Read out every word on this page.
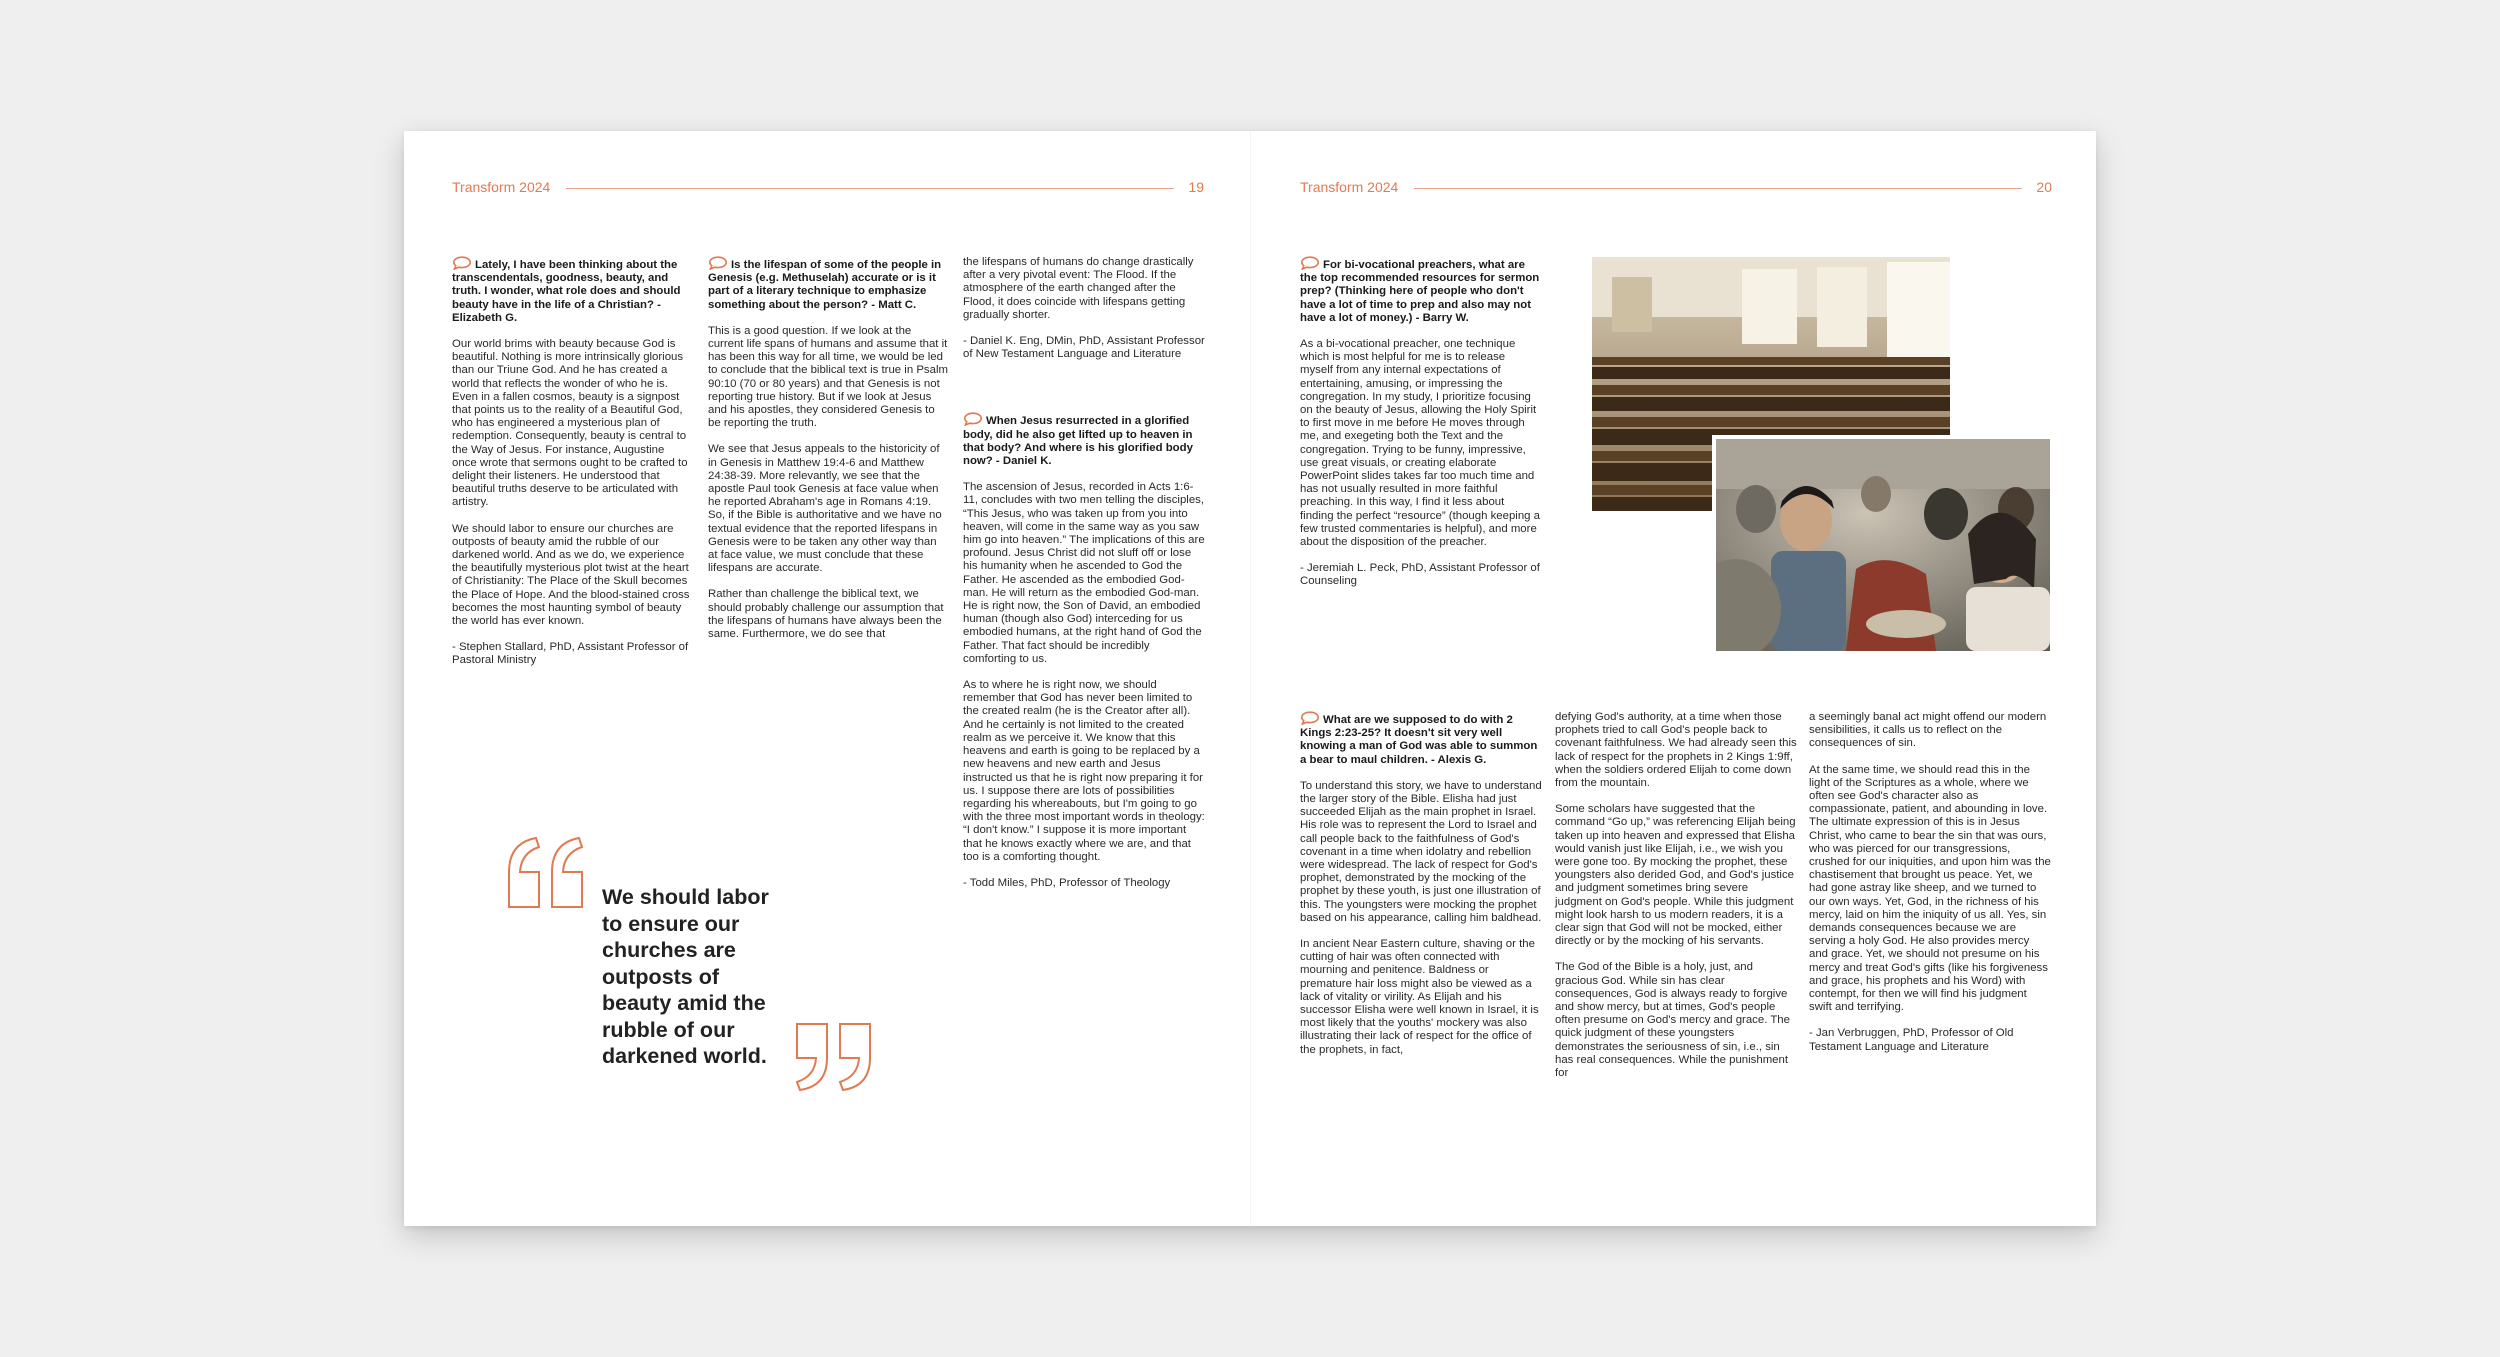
Transform 2024	19

Lately, I have been thinking about the transcendentals, goodness, beauty, and truth. I wonder, what role does and should beauty have in the life of a Christian? - Elizabeth G.

Our world brims with beauty because God is beautiful. Nothing is more intrinsically glorious than our Triune God. And he has created a world that reflects the wonder of who he is. Even in a fallen cosmos, beauty is a signpost that points us to the reality of a Beautiful God, who has engineered a mysterious plan of redemption. Consequently, beauty is central to the Way of Jesus. For instance, Augustine once wrote that sermons ought to be crafted to delight their listeners. He understood that beautiful truths deserve to be articulated with artistry.

We should labor to ensure our churches are outposts of beauty amid the rubble of our darkened world. And as we do, we experience the beautifully mysterious plot twist at the heart of Christianity: The Place of the Skull becomes the Place of Hope. And the blood-stained cross becomes the most haunting symbol of beauty the world has ever known.

- Stephen Stallard, PhD, Assistant Professor of Pastoral Ministry

Is the lifespan of some of the people in Genesis (e.g. Methuselah) accurate or is it part of a literary technique to emphasize something about the person? - Matt C.

This is a good question. If we look at the current life spans of humans and assume that it has been this way for all time, we would be led to conclude that the biblical text is true in Psalm 90:10 (70 or 80 years) and that Genesis is not reporting true history. But if we look at Jesus and his apostles, they considered Genesis to be reporting the truth.

We see that Jesus appeals to the historicity of in Genesis in Matthew 19:4-6 and Matthew 24:38-39. More relevantly, we see that the apostle Paul took Genesis at face value when he reported Abraham's age in Romans 4:19. So, if the Bible is authoritative and we have no textual evidence that the reported lifespans in Genesis were to be taken any other way than at face value, we must conclude that these lifespans are accurate.

Rather than challenge the biblical text, we should probably challenge our assumption that the lifespans of humans have always been the same. Furthermore, we do see that

the lifespans of humans do change drastically after a very pivotal event: The Flood. If the atmosphere of the earth changed after the Flood, it does coincide with lifespans getting gradually shorter.

- Daniel K. Eng, DMin, PhD, Assistant Professor of New Testament Language and Literature

When Jesus resurrected in a glorified body, did he also get lifted up to heaven in that body? And where is his glorified body now? - Daniel K.

The ascension of Jesus, recorded in Acts 1:6-11, concludes with two men telling the disciples, “This Jesus, who was taken up from you into heaven, will come in the same way as you saw him go into heaven.” The implications of this are profound. Jesus Christ did not sluff off or lose his humanity when he ascended to God the Father. He ascended as the embodied God-man. He will return as the embodied God-man. He is right now, the Son of David, an embodied human (though also God) interceding for us embodied humans, at the right hand of God the Father. That fact should be incredibly comforting to us.

As to where he is right now, we should remember that God has never been limited to the created realm (he is the Creator after all). And he certainly is not limited to the created realm as we perceive it. We know that this heavens and earth is going to be replaced by a new heavens and new earth and Jesus instructed us that he is right now preparing it for us. I suppose there are lots of possibilities regarding his whereabouts, but I'm going to go with the three most important words in theology: “I don't know.” I suppose it is more important that he knows exactly where we are, and that too is a comforting thought.

- Todd Miles, PhD, Professor of Theology

We should labor to ensure our churches are outposts of beauty amid the rubble of our darkened world.
Transform 2024	20

For bi-vocational preachers, what are the top recommended resources for sermon prep? (Thinking here of people who don't have a lot of time to prep and also may not have a lot of money.) - Barry W.

As a bi-vocational preacher, one technique which is most helpful for me is to release myself from any internal expectations of entertaining, amusing, or impressing the congregation. In my study, I prioritize focusing on the beauty of Jesus, allowing the Holy Spirit to first move in me before He moves through me, and exegeting both the Text and the congregation. Trying to be funny, impressive, use great visuals, or creating elaborate PowerPoint slides takes far too much time and has not usually resulted in more faithful preaching. In this way, I find it less about finding the perfect “resource” (though keeping a few trusted commentaries is helpful), and more about the disposition of the preacher.

- Jeremiah L. Peck, PhD, Assistant Professor of Counseling

What are we supposed to do with 2 Kings 2:23-25? It doesn't sit very well knowing a man of God was able to summon a bear to maul children. - Alexis G.

To understand this story, we have to understand the larger story of the Bible. Elisha had just succeeded Elijah as the main prophet in Israel. His role was to represent the Lord to Israel and call people back to the faithfulness of God's covenant in a time when idolatry and rebellion were widespread. The lack of respect for God's prophet, demonstrated by the mocking of the prophet by these youth, is just one illustration of this. The youngsters were mocking the prophet based on his appearance, calling him baldhead.

In ancient Near Eastern culture, shaving or the cutting of hair was often connected with mourning and penitence. Baldness or premature hair loss might also be viewed as a lack of vitality or virility. As Elijah and his successor Elisha were well known in Israel, it is most likely that the youths' mockery was also illustrating their lack of respect for the office of the prophets, in fact,

defying God's authority, at a time when those prophets tried to call God's people back to covenant faithfulness. We had already seen this lack of respect for the prophets in 2 Kings 1:9ff, when the soldiers ordered Elijah to come down from the mountain.

Some scholars have suggested that the command “Go up,” was referencing Elijah being taken up into heaven and expressed that Elisha would vanish just like Elijah, i.e., we wish you were gone too. By mocking the prophet, these youngsters also derided God, and God's justice and judgment sometimes bring severe judgment on God's people. While this judgment might look harsh to us modern readers, it is a clear sign that God will not be mocked, either directly or by the mocking of his servants.

The God of the Bible is a holy, just, and gracious God. While sin has clear consequences, God is always ready to forgive and show mercy, but at times, God's people often presume on God's mercy and grace. The quick judgment of these youngsters demonstrates the seriousness of sin, i.e., sin has real consequences. While the punishment for

a seemingly banal act might offend our modern sensibilities, it calls us to reflect on the consequences of sin.

At the same time, we should read this in the light of the Scriptures as a whole, where we often see God's character also as compassionate, patient, and abounding in love. The ultimate expression of this is in Jesus Christ, who came to bear the sin that was ours, who was pierced for our transgressions, crushed for our iniquities, and upon him was the chastisement that brought us peace. Yet, we had gone astray like sheep, and we turned to our own ways. Yet, God, in the richness of his mercy, laid on him the iniquity of us all. Yes, sin demands consequences because we are serving a holy God. He also provides mercy and grace. Yet, we should not presume on his mercy and treat God's gifts (like his forgiveness and grace, his prophets and his Word) with contempt, for then we will find his judgment swift and terrifying.

- Jan Verbruggen, PhD, Professor of Old Testament Language and Literature
